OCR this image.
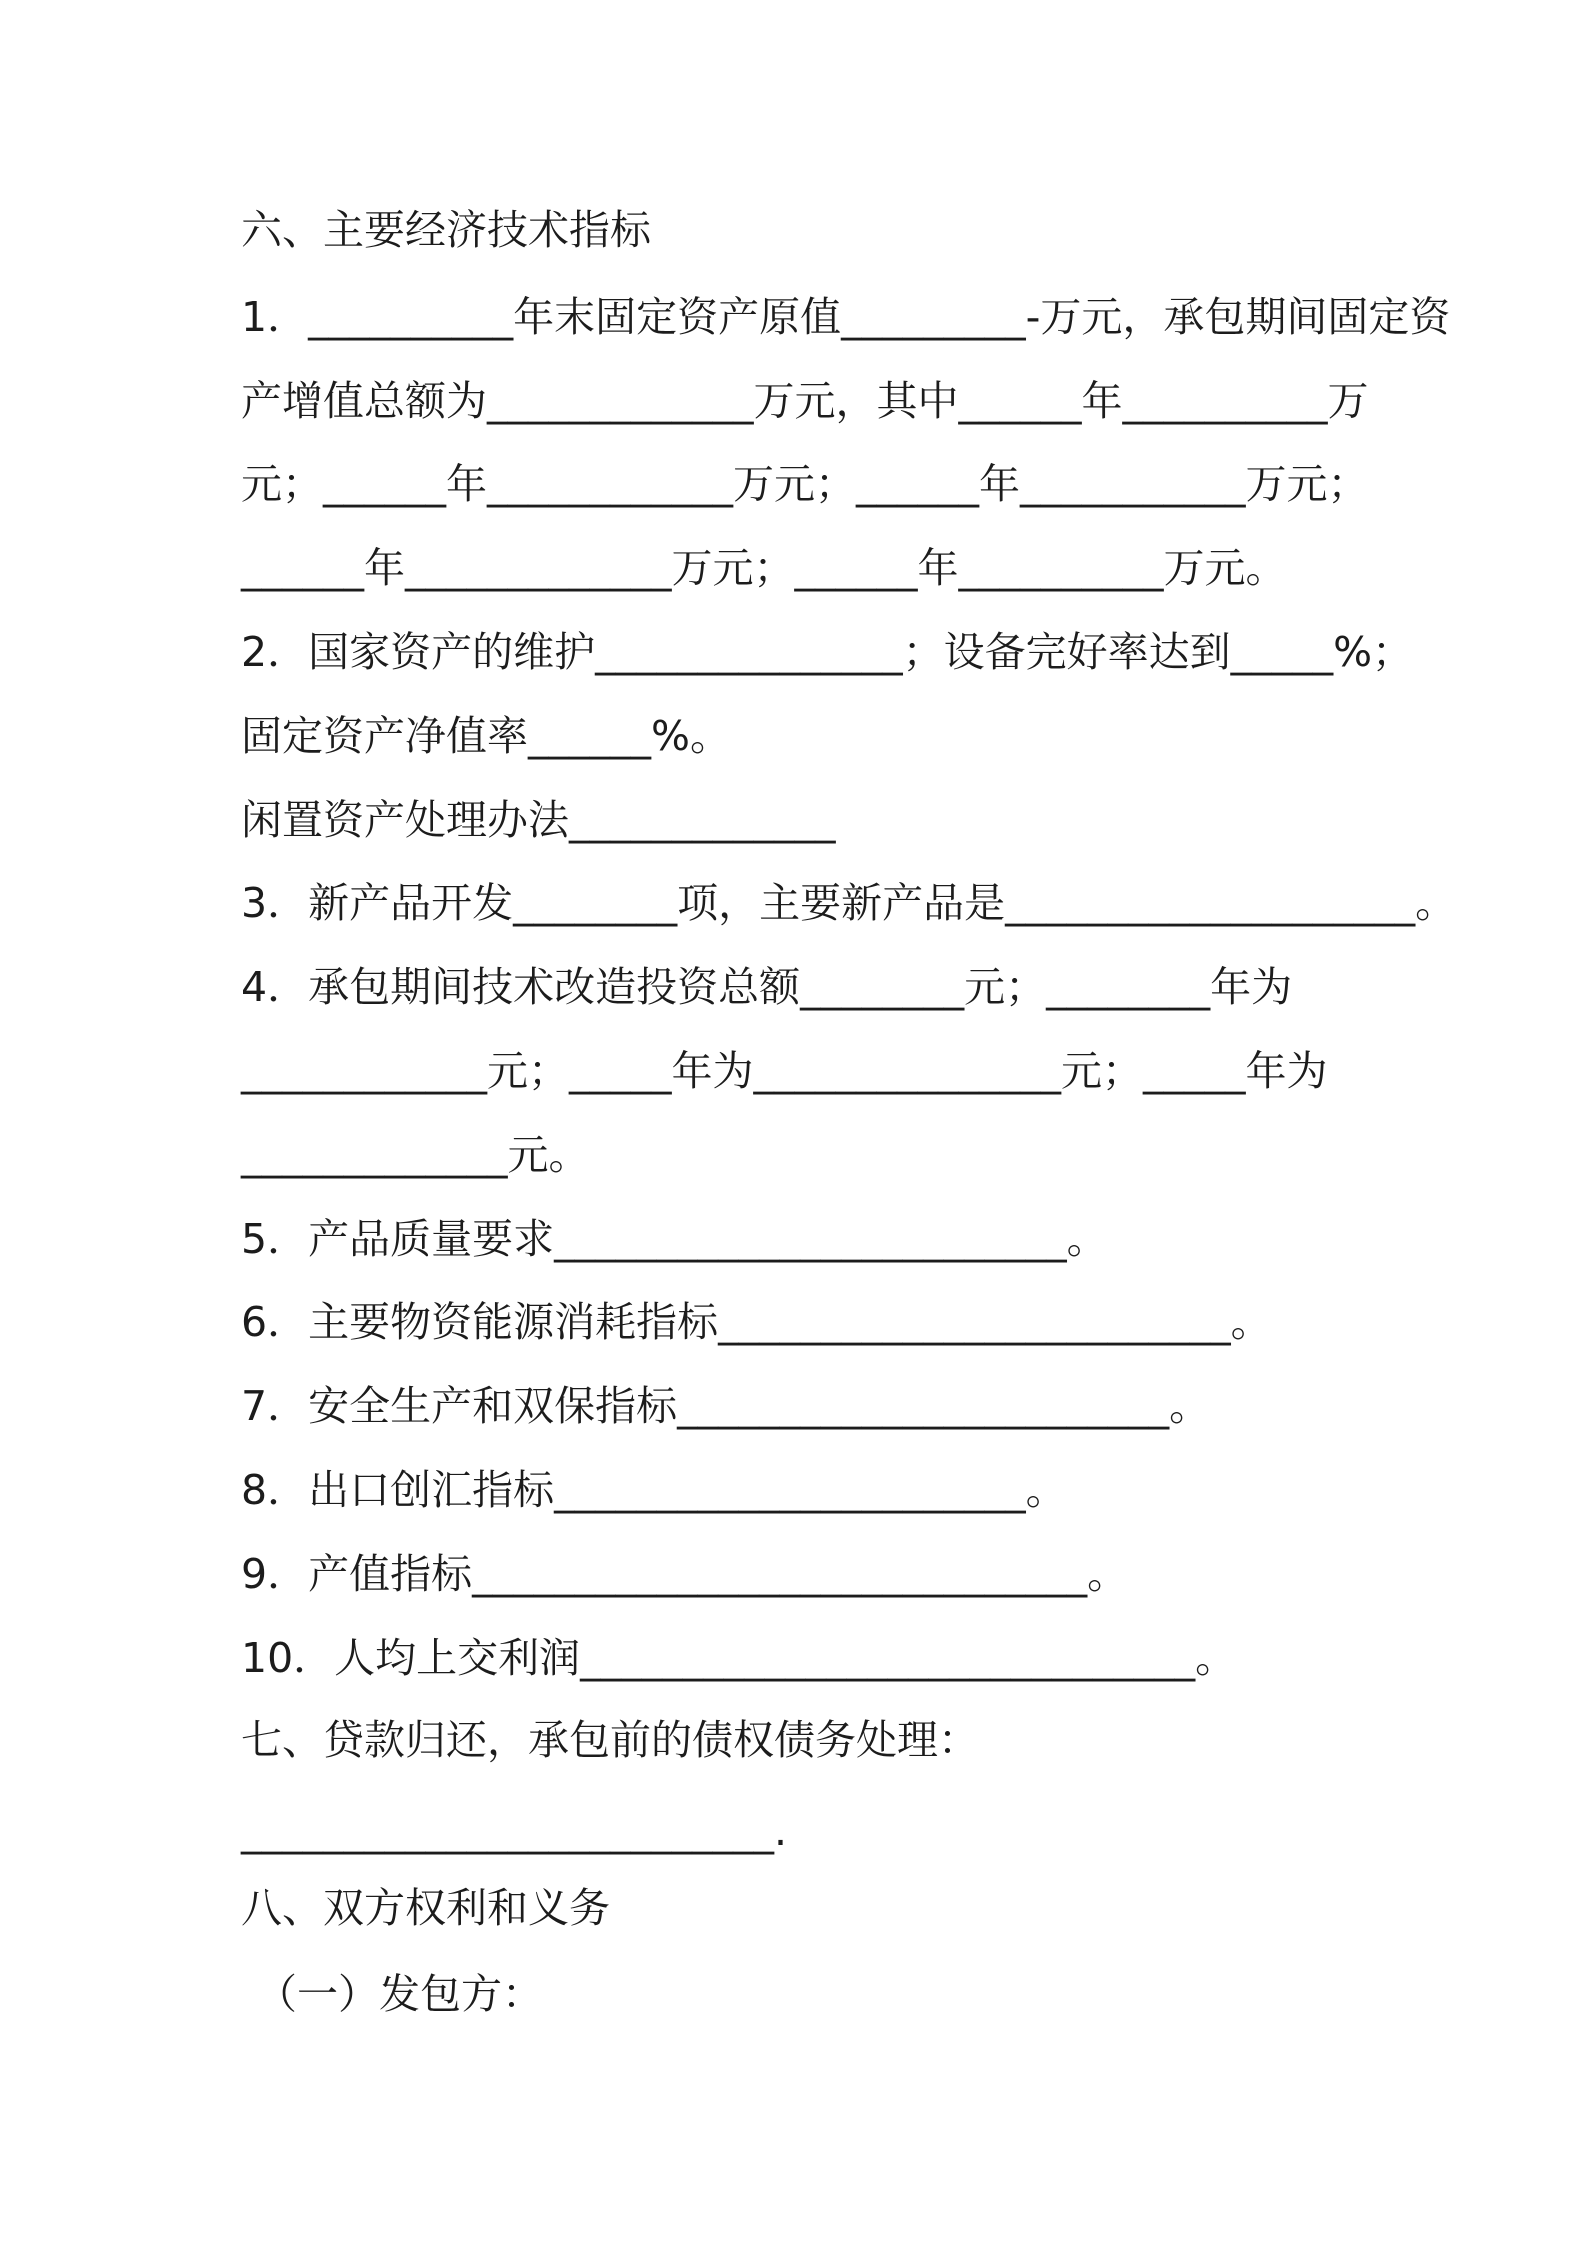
六、主要经济技术指标

1．__________年末固定资产原值_________-万元，承包期间固定资

产增值总额为_____________万元，其中______年__________万

元；______年____________万元；______年___________万元；

______年_____________万元；______年__________万元。

2．国家资产的维护_______________；设备完好率达到_____%；

固定资产净值率______%。

闲置资产处理办法_____________

3．新产品开发________项，主要新产品是____________________。

4．承包期间技术改造投资总额________元；________年为

____________元；_____年为_______________元；_____年为

_____________元。

5．产品质量要求_________________________。

6．主要物资能源消耗指标_________________________。

7．安全生产和双保指标________________________。

8．出口创汇指标_______________________。

9．产值指标______________________________。

10．人均上交利润______________________________。

七、贷款归还，承包前的债权债务处理：

__________________________.

八、双方权利和义务

（一）发包方：
